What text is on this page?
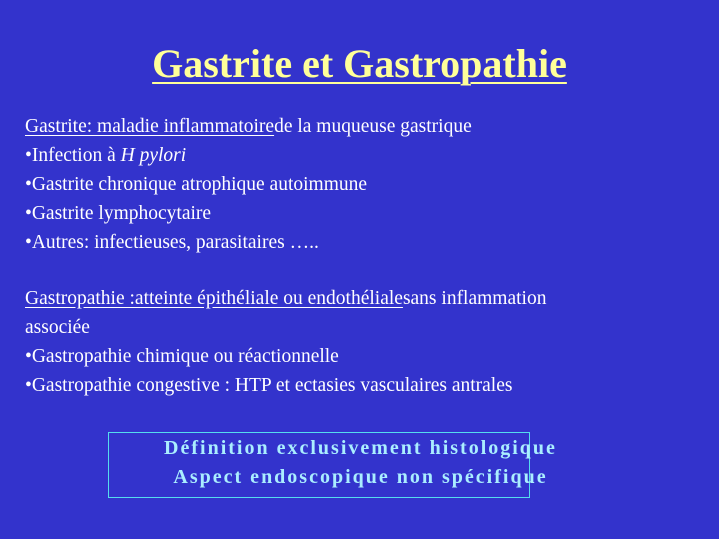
Gastrite et Gastropathie
Gastrite: maladie inflammatoirede la muqueuse gastrique
•Infection à H pylori
•Gastrite chronique atrophique autoimmune
•Gastrite lymphocytaire
•Autres: infectieuses, parasitaires …..
Gastropathie :atteinte épithéliale ou endothélialesans inflammation
associée
•Gastropathie chimique ou réactionnelle
•Gastropathie congestive : HTP et ectasies vasculaires antrales
Définition exclusivement histologique
Aspect endoscopique non spécifique
